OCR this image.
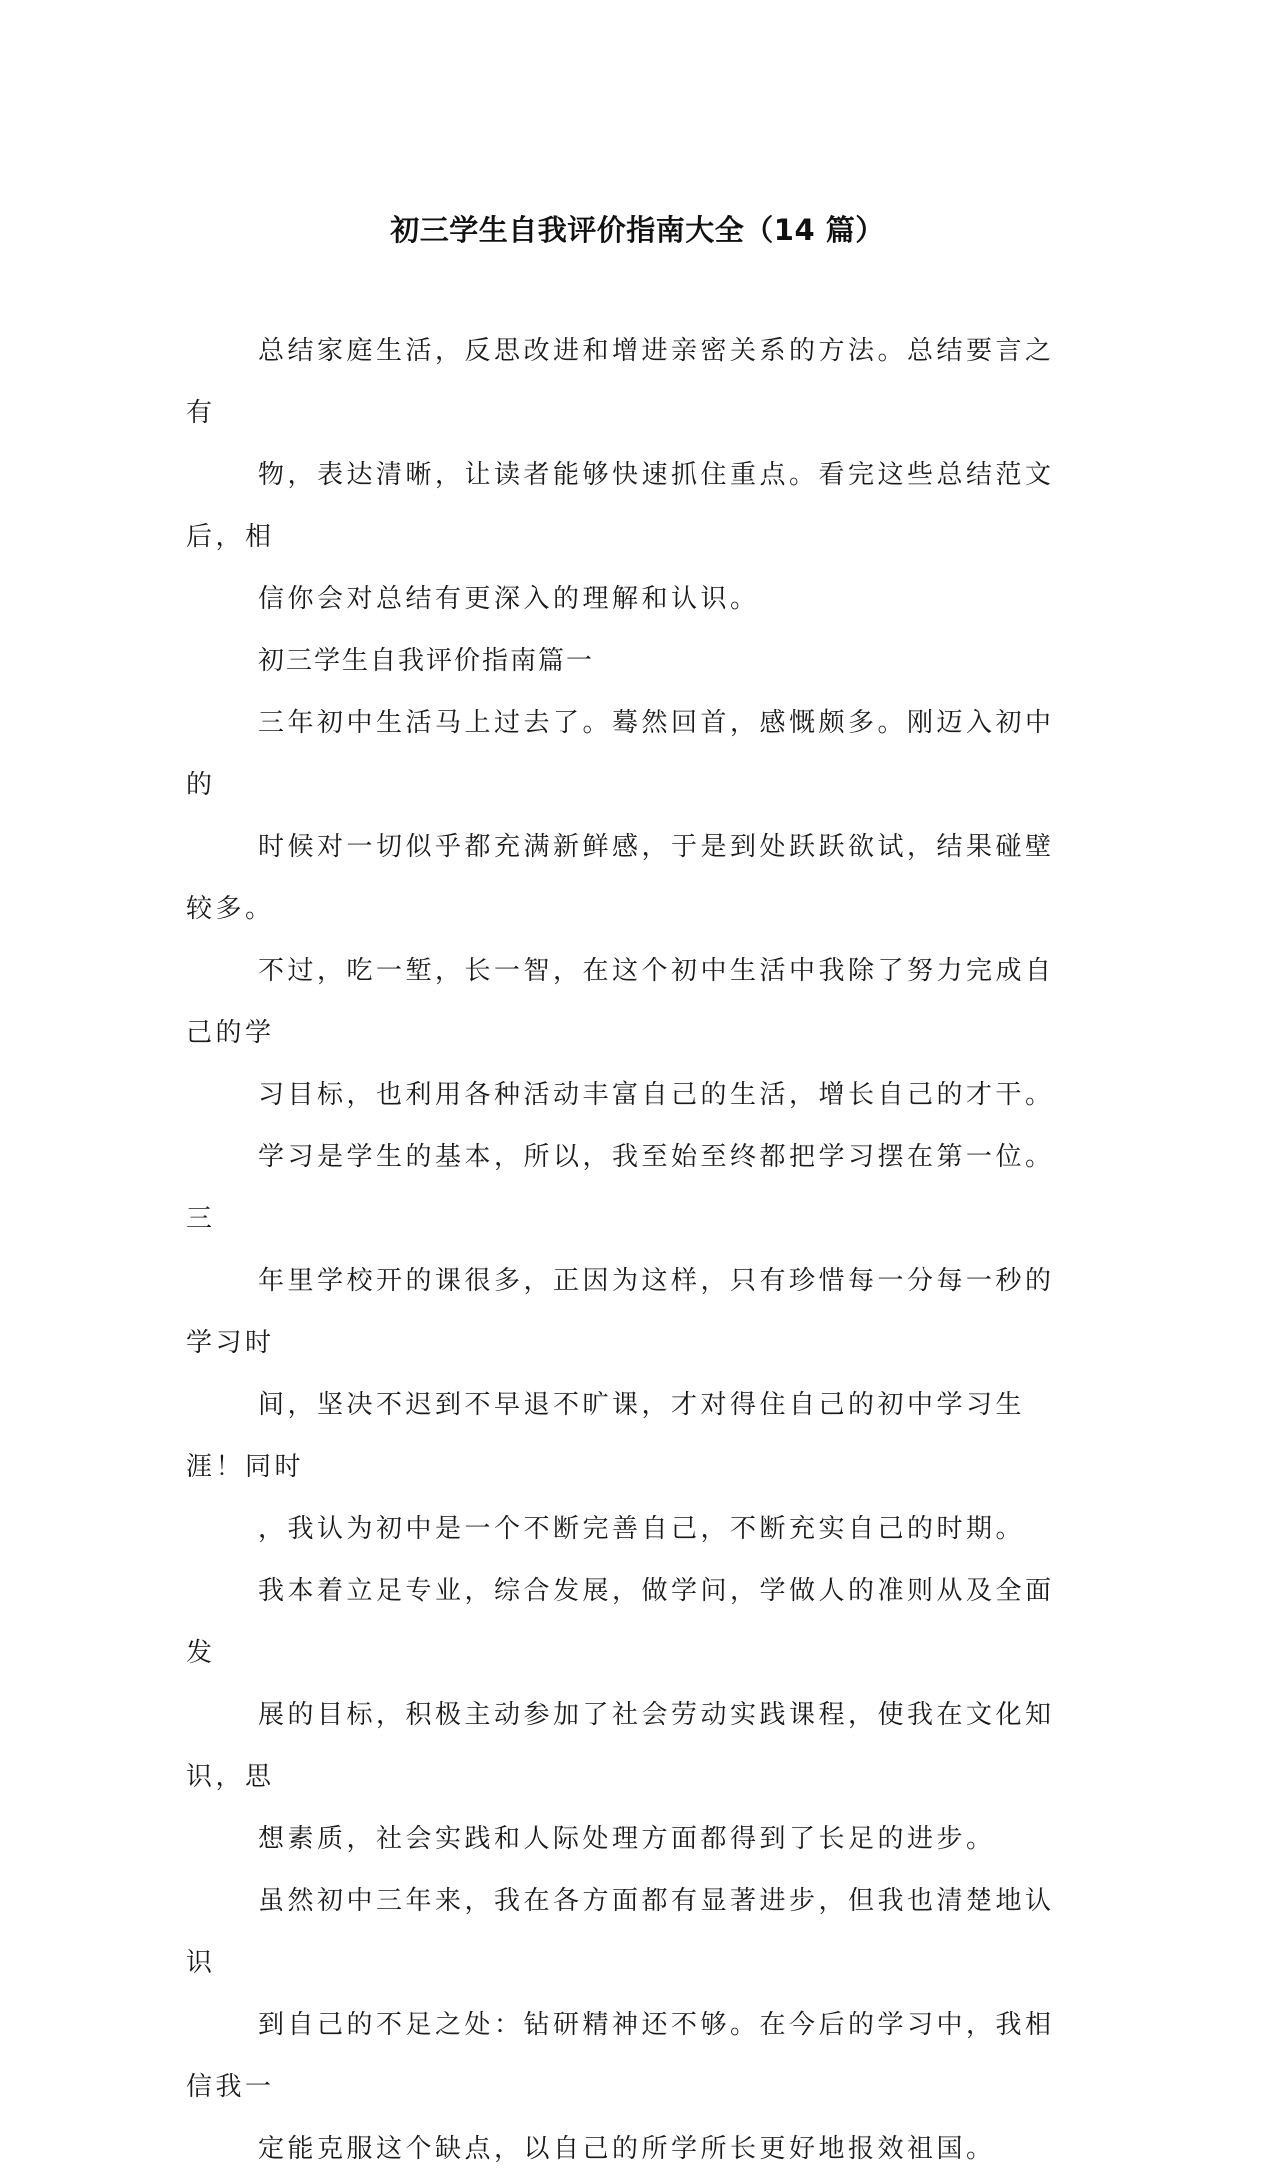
初三学生自我评价指南大全（14 篇）

总结家庭生活，反思改进和增进亲密关系的方法。总结要言之有
物，表达清晰，让读者能够快速抓住重点。看完这些总结范文后，相
信你会对总结有更深入的理解和认识。

初三学生自我评价指南篇一

三年初中生活马上过去了。蓦然回首，感慨颇多。刚迈入初中的
时候对一切似乎都充满新鲜感，于是到处跃跃欲试，结果碰壁较多。
不过，吃一堑，长一智，在这个初中生活中我除了努力完成自己的学
习目标，也利用各种活动丰富自己的生活，增长自己的才干。

学习是学生的基本，所以，我至始至终都把学习摆在第一位。三
年里学校开的课很多，正因为这样，只有珍惜每一分每一秒的学习时
间，坚决不迟到不早退不旷课，才对得住自己的初中学习生涯！同时
，我认为初中是一个不断完善自己，不断充实自己的时期。

我本着立足专业，综合发展，做学问，学做人的准则从及全面发
展的目标，积极主动参加了社会劳动实践课程，使我在文化知识，思
想素质，社会实践和人际处理方面都得到了长足的进步。

虽然初中三年来，我在各方面都有显著进步，但我也清楚地认识
到自己的不足之处：钻研精神还不够。在今后的学习中，我相信我一
定能克服这个缺点，以自己的所学所长更好地报效祖国。
